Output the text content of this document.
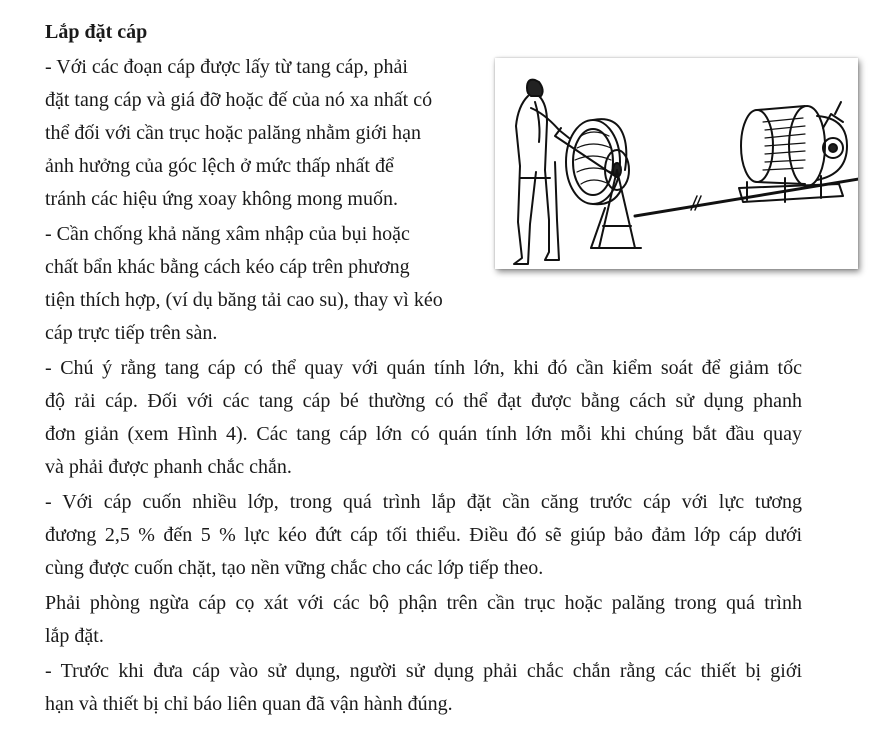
Lắp đặt cáp
- Với các đoạn cáp được lấy từ tang cáp, phải
đặt tang cáp và giá đỡ hoặc đế của nó xa nhất có
thể đối với cần trục hoặc palăng nhằm giới hạn
ảnh hưởng của góc lệch ở mức thấp nhất để
tránh các hiệu ứng xoay không mong muốn.
- Cần chống khả năng xâm nhập của bụi hoặc
chất bẩn khác bằng cách kéo cáp trên phương
tiện thích hợp, (ví dụ băng tải cao su), thay vì kéo
cáp trực tiếp trên sàn.
- Chú ý rằng tang cáp có thể quay với quán tính lớn, khi đó cần kiểm soát để giảm tốc
độ rải cáp. Đối với các tang cáp bé thường có thể đạt được bằng cách sử dụng phanh
đơn giản (xem Hình 4). Các tang cáp lớn có quán tính lớn mỗi khi chúng bắt đầu quay
và phải được phanh chắc chắn.
- Với cáp cuốn nhiều lớp, trong quá trình lắp đặt cần căng trước cáp với lực tương
đương 2,5 % đến 5 % lực kéo đứt cáp tối thiểu. Điều đó sẽ giúp bảo đảm lớp cáp dưới
cùng được cuốn chặt, tạo nền vững chắc cho các lớp tiếp theo.
Phải phòng ngừa cáp cọ xát với các bộ phận trên cần trục hoặc palăng trong quá trình
lắp đặt.
- Trước khi đưa cáp vào sử dụng, người sử dụng phải chắc chắn rằng các thiết bị giới
hạn và thiết bị chỉ báo liên quan đã vận hành đúng.
